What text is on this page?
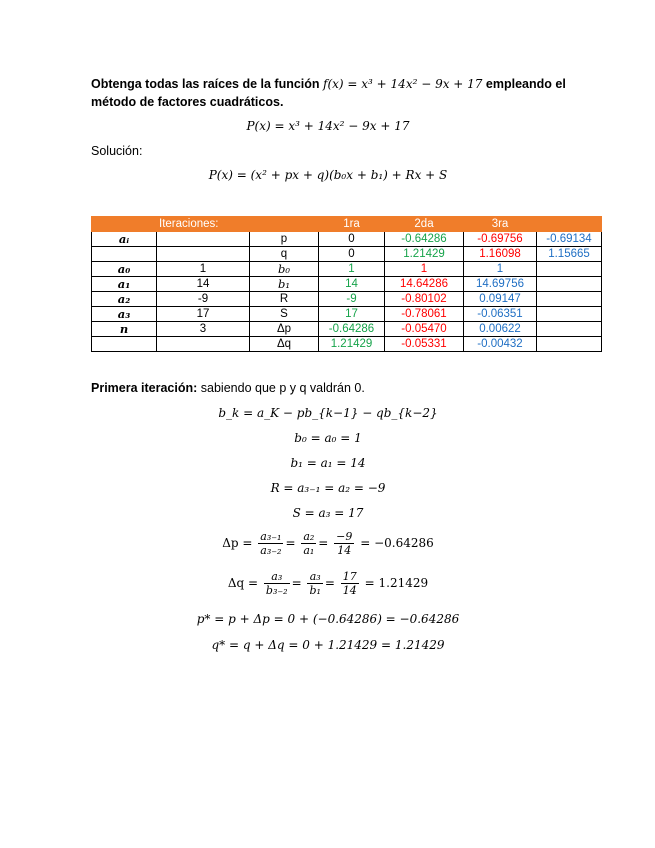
Obtenga todas las raíces de la función f(x) = x³ + 14x² − 9x + 17 empleando el método de factores cuadráticos.
P(x) = x³ + 14x² − 9x + 17
Solución:
P(x) = (x² + px + q)(b₀x + b₁) + Rx + S
	Iteraciones:		1ra	2da	3ra	
aᵢ		p	0	-0.64286	-0.69756	-0.69134
		q	0	1.21429	1.16098	1.15665
a₀	1	b₀	1	1	1	
a₁	14	b₁	14	14.64286	14.69756	
a₂	-9	R	-9	-0.80102	0.09147	
a₃	17	S	17	-0.78061	-0.06351	
n	3	Δp	-0.64286	-0.05470	0.00622	
		Δq	1.21429	-0.05331	-0.00432	
Primera iteración: sabiendo que p y q valdrán 0.
b_k = a_K − pb_{k−1} − qb_{k−2}
b₀ = a₀ = 1
b₁ = a₁ = 14
R = a₃₋₁ = a₂ = −9
S = a₃ = 17
$\Delta p = \frac{\text{a₃₋₁}}{\text{a₃₋₂}} = \frac{\text{a₂}}{\text{a₁}} = \frac{-9}{14} = -0.64286$
$\Delta q = \frac{\text{a₃}}{\text{b₃₋₂}} = \frac{\text{a₃}}{\text{b₁}} = \frac{17}{14} = 1.21429$
p* = p + Δp = 0 + (−0.64286) = −0.64286
q* = q + Δq = 0 + 1.21429 = 1.21429
